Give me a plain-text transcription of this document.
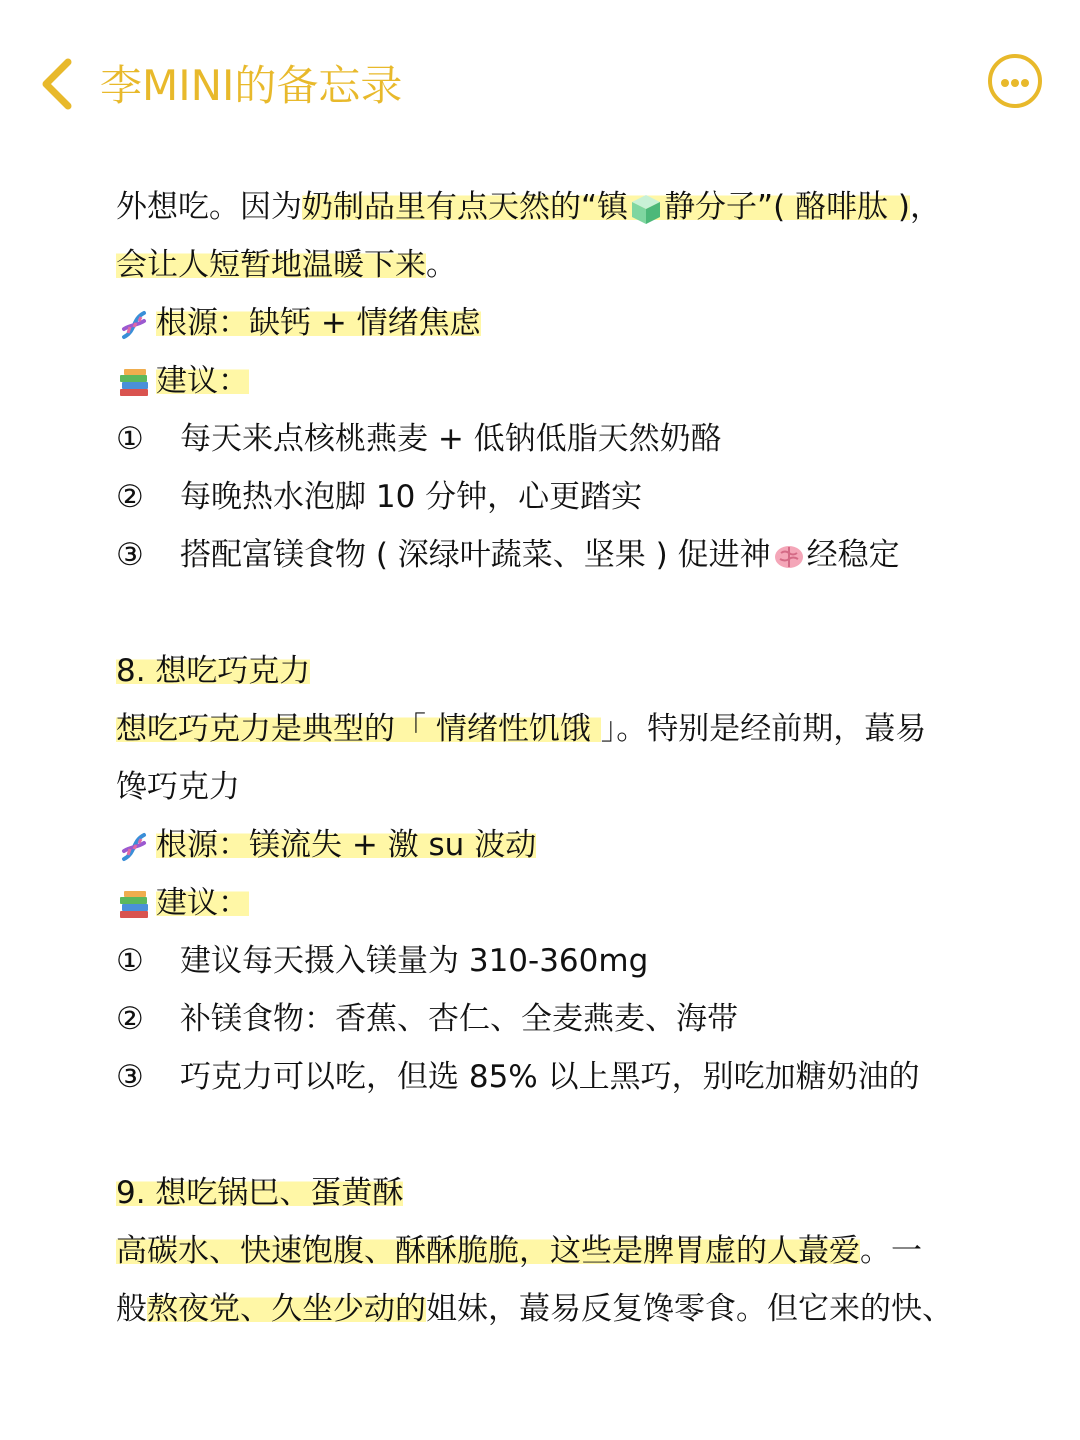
李MINI的备忘录
外想吃。因为奶制品里有点天然的“镇 静分子”( 酪啡肽 )，
会让人短暂地温暖下来。
根源：缺钙 + 情绪焦虑
建议：
① 每天来点核桃燕麦 + 低钠低脂天然奶酪
② 每晚热水泡脚 10 分钟，心更踏实
③ 搭配富镁食物 ( 深绿叶蔬菜、坚果 ) 促进神 经稳定
8. 想吃巧克力
想吃巧克力是典型的「 情绪性饥饿 」。特别是经前期，蕞易
馋巧克力
根源：镁流失 + 激 su 波动
建议：
① 建议每天摄入镁量为 310-360mg
② 补镁食物：香蕉、杏仁、全麦燕麦、海带
③ 巧克力可以吃，但选 85% 以上黑巧，别吃加糖奶油的
9. 想吃锅巴、蛋黄酥
高碳水、快速饱腹、酥酥脆脆，这些是脾胃虚的人蕞爱。一
般熬夜党、久坐少动的姐妹，蕞易反复馋零食。但它来的快、
